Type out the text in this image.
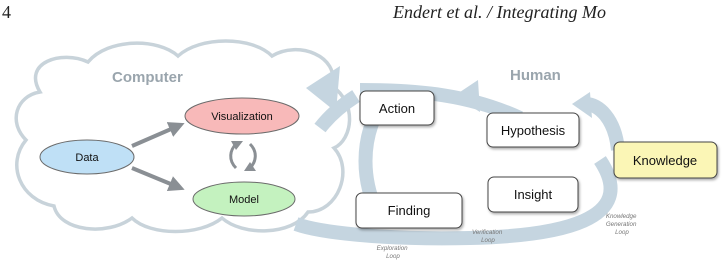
4	Endert et al. / Integrating Mo
Computer	Human
Data
Visualization
Model
Action
Hypothesis
Finding
Insight
Knowledge
Exploration Loop
Verification Loop
Knowledge Generation Loop
